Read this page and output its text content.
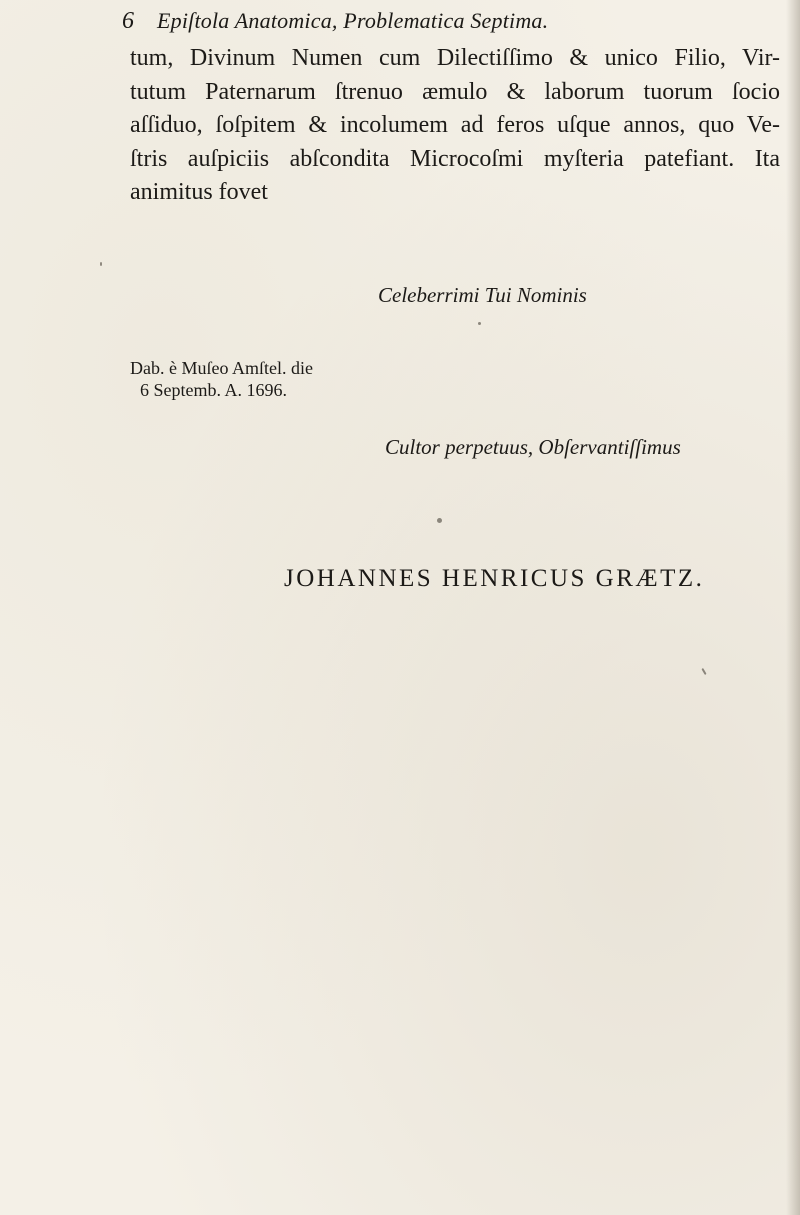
6 Epiſtola Anatomica, Problematica Septima.
tum, Divinum Numen cum Dilectiſſimo & unico Filio, Vir-
tutum Paternarum ſtrenuo æmulo & laborum tuorum ſocio
aſſiduo, ſoſpitem & incolumem ad feros uſque annos, quo Ve-
ſtris auſpiciis abſcondita Microcoſmi myſteria patefiant. Ita
animitus fovet
Celeberrimi Tui Nominis
Dab. è Muſeo Amſtel. die
6 Septemb. A. 1696.
Cultor perpetuus, Obſervantiſſimus
JOHANNES HENRICUS GRÆTZ.
